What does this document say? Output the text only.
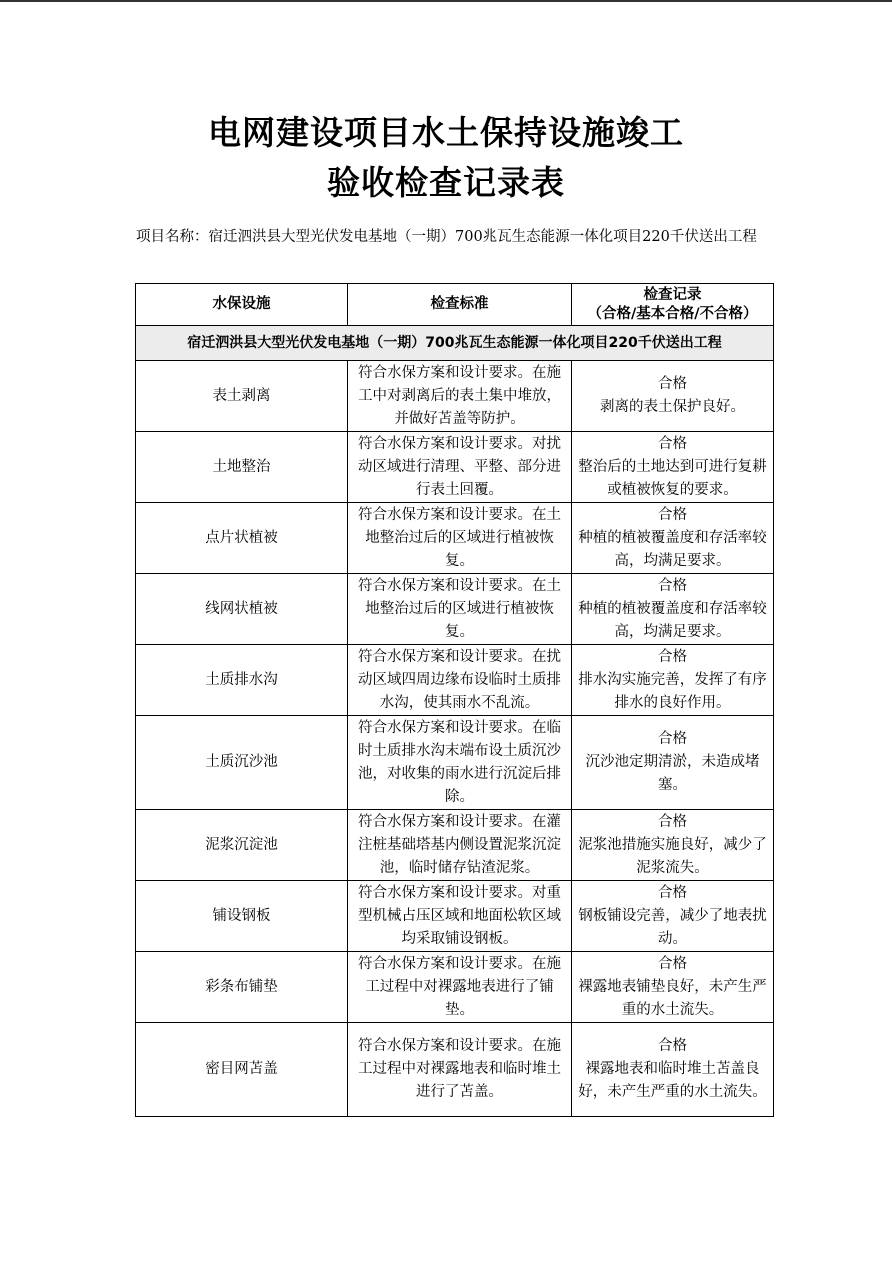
电网建设项目水土保持设施竣工
验收检查记录表
项目名称：宿迁泗洪县大型光伏发电基地（一期）700兆瓦生态能源一体化项目220千伏送出工程
水保设施	检查标准	检查记录
（合格/基本合格/不合格）

宿迁泗洪县大型光伏发电基地（一期）700兆瓦生态能源一体化项目220千伏送出工程		
表土剥离	符合水保方案和设计要求。在施工中对剥离后的表土集中堆放，并做好苫盖等防护。	合格
剥离的表土保护良好。

土地整治	符合水保方案和设计要求。对扰动区域进行清理、平整、部分进行表土回覆。	合格
整治后的土地达到可进行复耕或植被恢复的要求。

点片状植被	符合水保方案和设计要求。在土地整治过后的区域进行植被恢复。	合格
种植的植被覆盖度和存活率较高，均满足要求。

线网状植被	符合水保方案和设计要求。在土地整治过后的区域进行植被恢复。	合格
种植的植被覆盖度和存活率较高，均满足要求。

土质排水沟	符合水保方案和设计要求。在扰动区域四周边缘布设临时土质排水沟，使其雨水不乱流。	合格
排水沟实施完善，发挥了有序排水的良好作用。

土质沉沙池	符合水保方案和设计要求。在临时土质排水沟末端布设土质沉沙池，对收集的雨水进行沉淀后排除。	合格
沉沙池定期清淤，未造成堵塞。

泥浆沉淀池	符合水保方案和设计要求。在灌注桩基础塔基内侧设置泥浆沉淀池，临时储存钻渣泥浆。	合格
泥浆池措施实施良好，减少了泥浆流失。

铺设钢板	符合水保方案和设计要求。对重型机械占压区域和地面松软区域均采取铺设钢板。	合格
钢板铺设完善，减少了地表扰动。

彩条布铺垫	符合水保方案和设计要求。在施工过程中对裸露地表进行了铺垫。	合格
裸露地表铺垫良好，未产生严重的水土流失。

密目网苫盖	符合水保方案和设计要求。在施工过程中对裸露地表和临时堆土进行了苫盖。	合格
裸露地表和临时堆土苫盖良好，未产生严重的水土流失。
